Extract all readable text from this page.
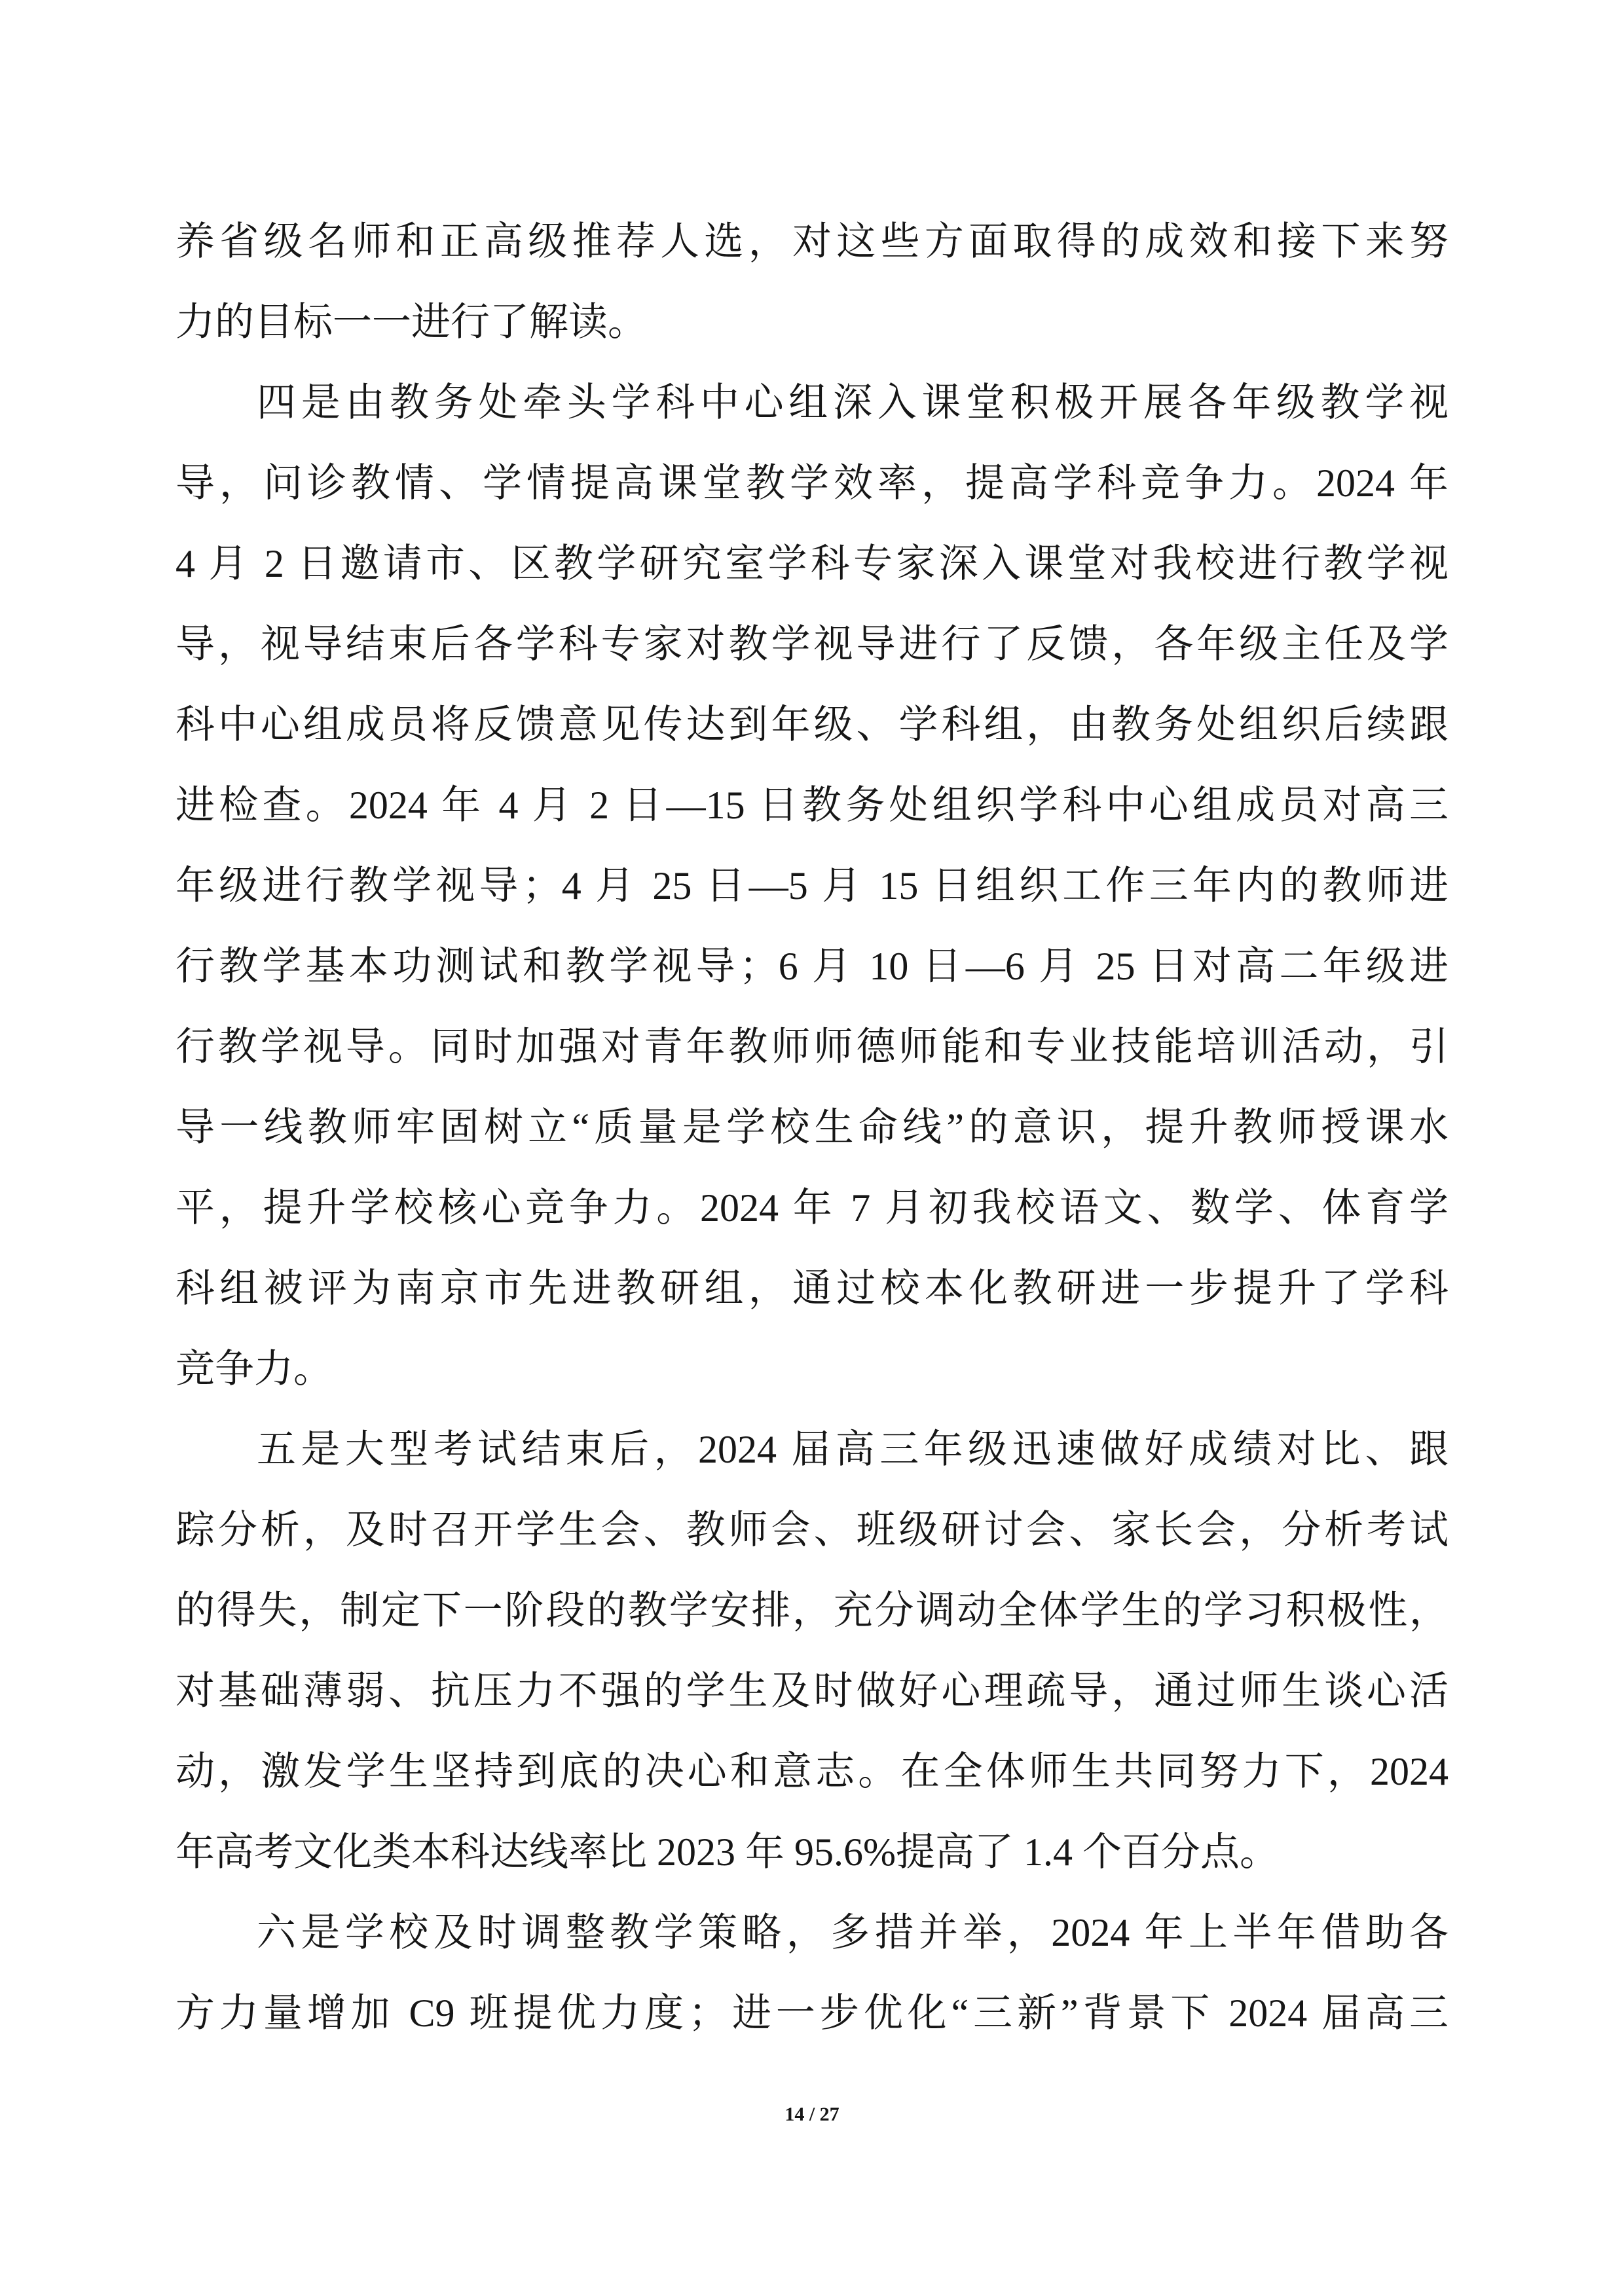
养省级名师和正高级推荐人选，对这些方面取得的成效和接下来努
力的目标一一进行了解读。
四是由教务处牵头学科中心组深入课堂积极开展各年级教学视
导，问诊教情、学情提高课堂教学效率，提高学科竞争力。2024 年
4 月 2 日邀请市、区教学研究室学科专家深入课堂对我校进行教学视
导，视导结束后各学科专家对教学视导进行了反馈，各年级主任及学
科中心组成员将反馈意见传达到年级、学科组，由教务处组织后续跟
进检查。2024 年 4 月 2 日—15 日教务处组织学科中心组成员对高三
年级进行教学视导；4 月 25 日—5 月 15 日组织工作三年内的教师进
行教学基本功测试和教学视导；6 月 10 日—6 月 25 日对高二年级进
行教学视导。同时加强对青年教师师德师能和专业技能培训活动，引
导一线教师牢固树立“质量是学校生命线”的意识，提升教师授课水
平，提升学校核心竞争力。2024 年 7 月初我校语文、数学、体育学
科组被评为南京市先进教研组，通过校本化教研进一步提升了学科
竞争力。
五是大型考试结束后，2024 届高三年级迅速做好成绩对比、跟
踪分析，及时召开学生会、教师会、班级研讨会、家长会，分析考试
的得失，制定下一阶段的教学安排，充分调动全体学生的学习积极性，
对基础薄弱、抗压力不强的学生及时做好心理疏导，通过师生谈心活
动，激发学生坚持到底的决心和意志。在全体师生共同努力下，2024
年高考文化类本科达线率比 2023 年 95.6%提高了 1.4 个百分点。
六是学校及时调整教学策略，多措并举，2024 年上半年借助各
方力量增加 C9 班提优力度；进一步优化“三新”背景下 2024 届高三
14 / 27
